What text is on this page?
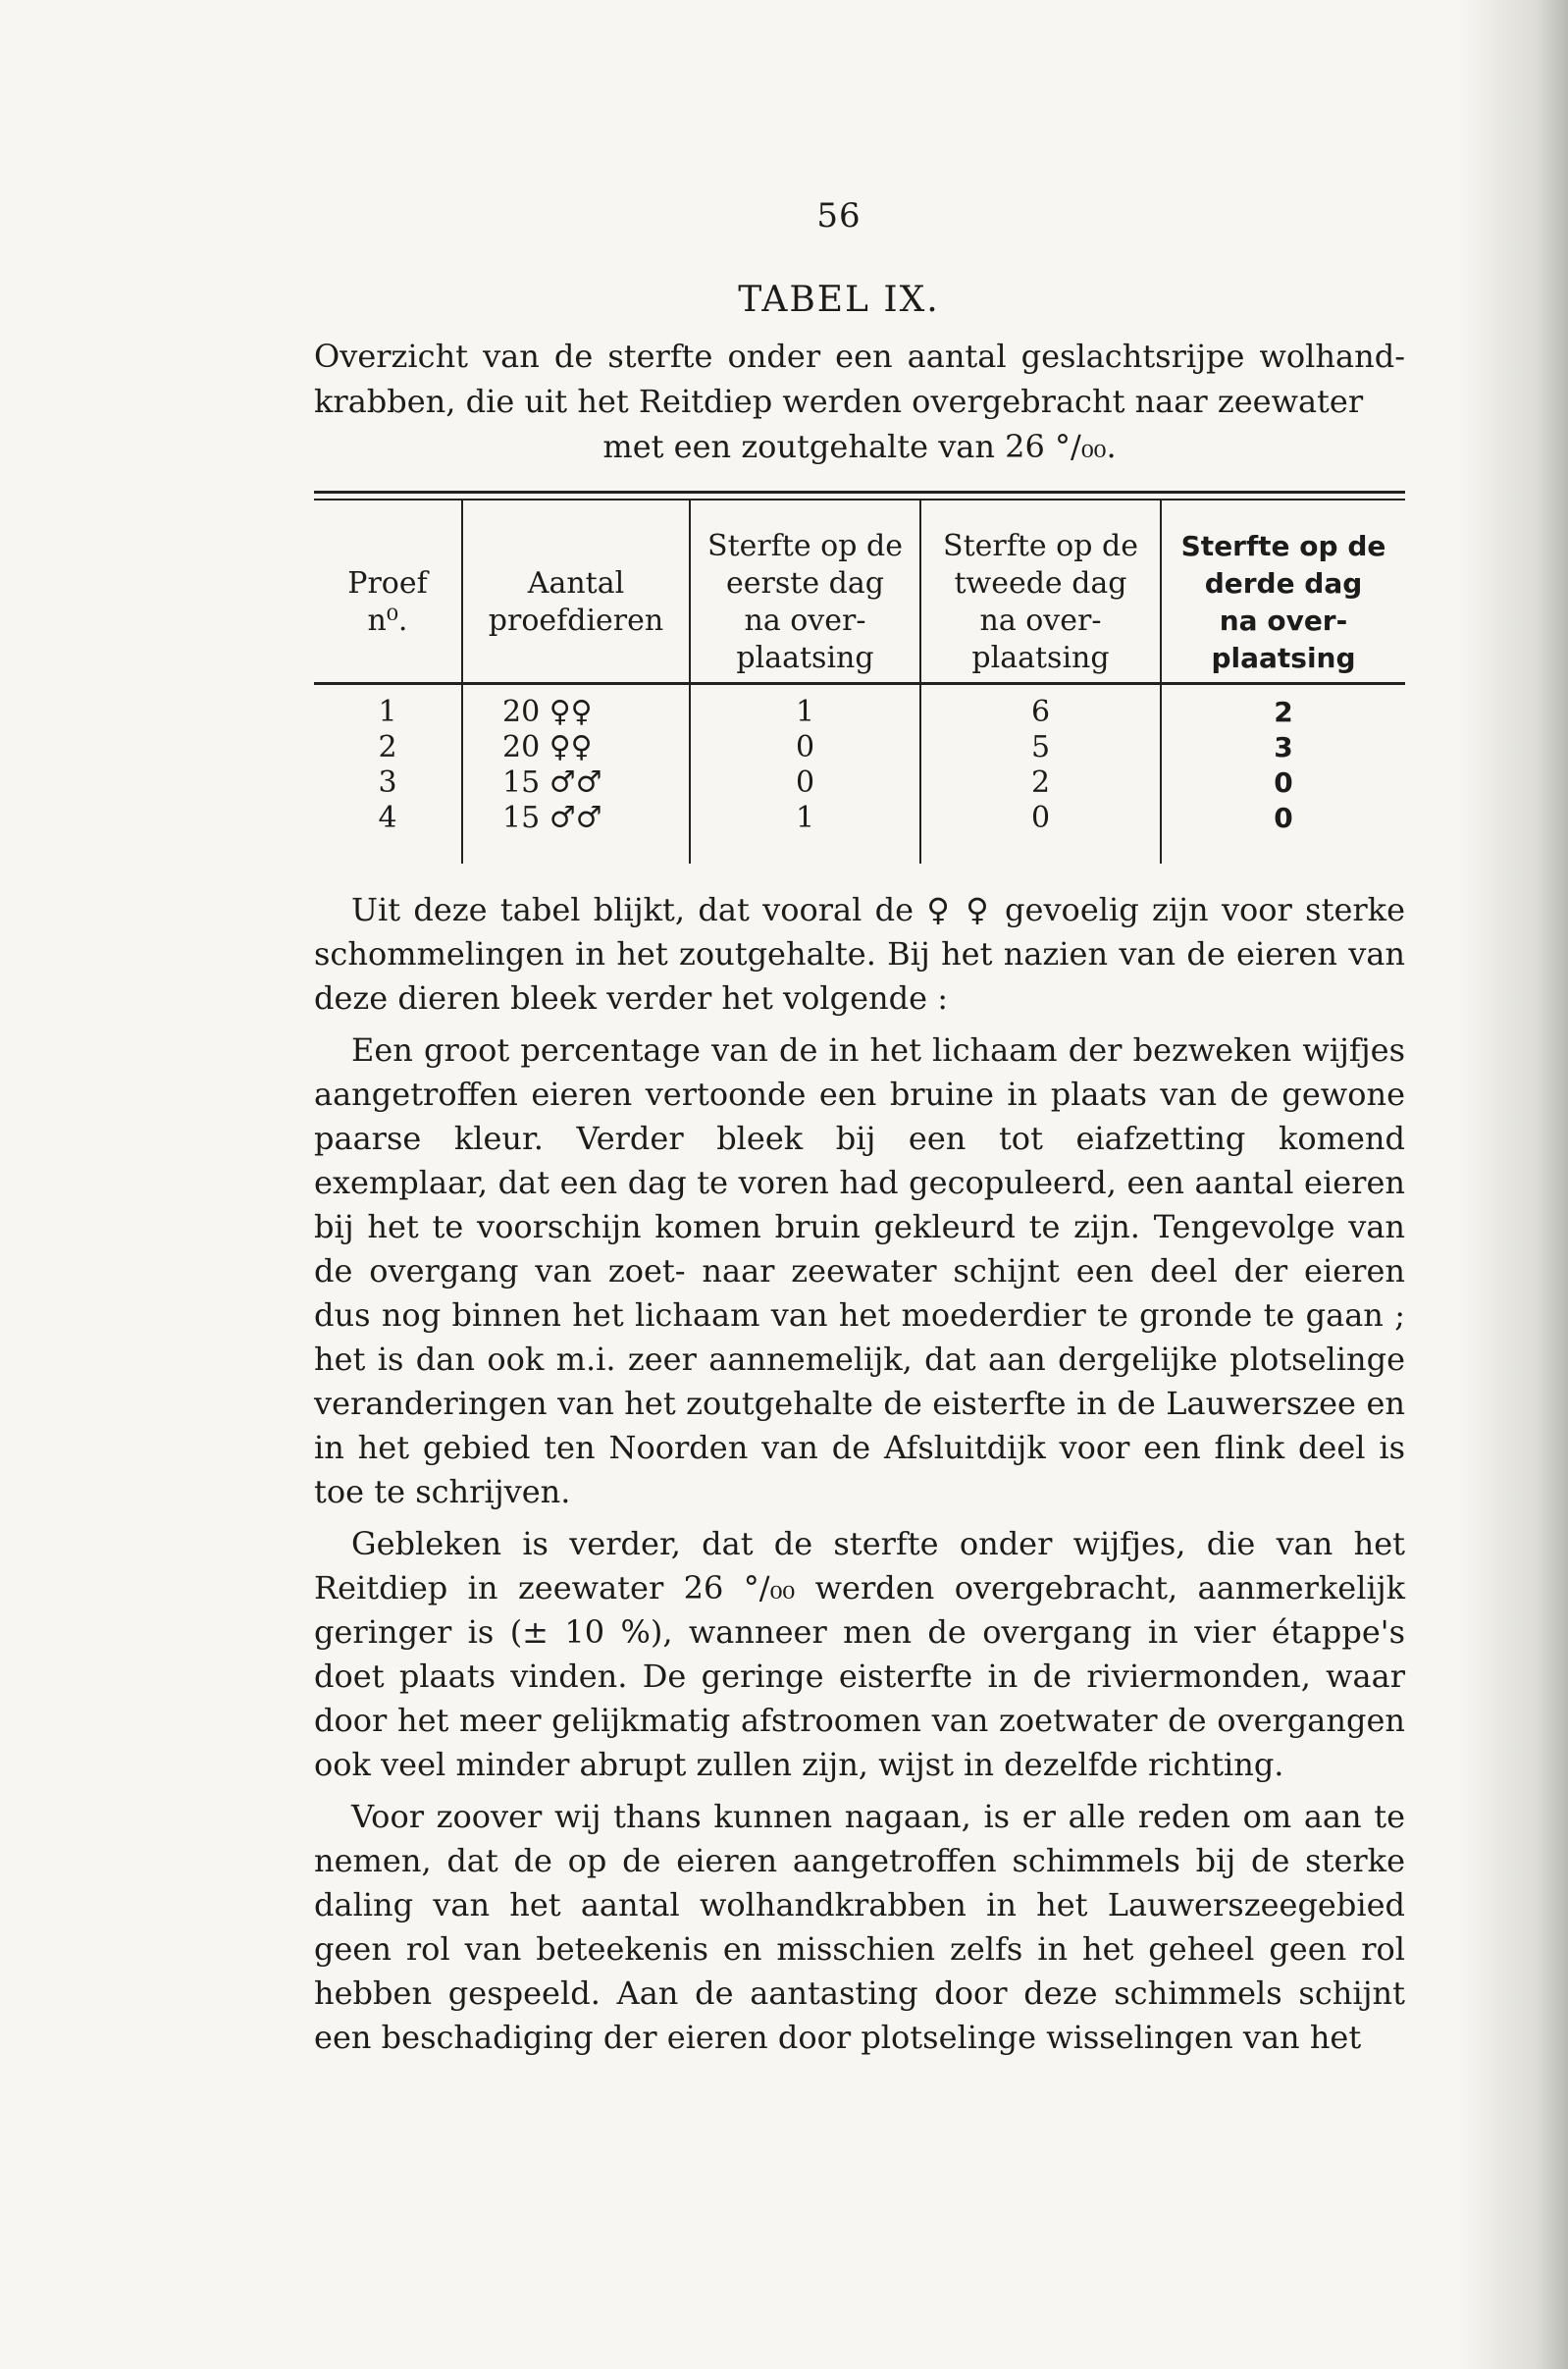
56
TABEL IX.
Overzicht van de sterfte onder een aantal geslachtsrijpe wolhand- krabben, die uit het Reitdiep werden overgebracht naar zeewater
met een zoutgehalte van 26 °/₀₀.
Proef
n⁰.
Aantal
proefdieren
Sterfte op de
eerste dag
na over-
plaatsing
Sterfte op de
tweede dag
na over-
plaatsing
Sterfte op de
derde dag
na over-
plaatsing
1
2
3
4
20 ♀♀
20 ♀♀
15 ♂♂
15 ♂♂
1
0
0
1
6
5
2
0
2
3
0
0

Uit deze tabel blijkt, dat vooral de ♀ ♀ gevoelig zijn voor sterke schommelingen in het zoutgehalte. Bij het nazien van de eieren van deze dieren bleek verder het volgende :

Een groot percentage van de in het lichaam der bezweken wijfjes aangetroffen eieren vertoonde een bruine in plaats van de gewone paarse kleur. Verder bleek bij een tot eiafzetting komend exemplaar, dat een dag te voren had gecopuleerd, een aantal eieren bij het te voorschijn komen bruin gekleurd te zijn. Tengevolge van de overgang van zoet- naar zeewater schijnt een deel der eieren dus nog binnen het lichaam van het moederdier te gronde te gaan ; het is dan ook m.i. zeer aannemelijk, dat aan dergelijke plotselinge veranderingen van het zoutgehalte de eisterfte in de Lauwerszee en in het gebied ten Noorden van de Afsluitdijk voor een flink deel is toe te schrijven.

Gebleken is verder, dat de sterfte onder wijfjes, die van het Reitdiep in zeewater 26 °/₀₀ werden overgebracht, aanmerkelijk geringer is (± 10 %), wanneer men de overgang in vier étappe's doet plaats vinden. De geringe eisterfte in de riviermonden, waar door het meer gelijkmatig afstroomen van zoetwater de overgangen ook veel minder abrupt zullen zijn, wijst in dezelfde richting.

Voor zoover wij thans kunnen nagaan, is er alle reden om aan te nemen, dat de op de eieren aangetroffen schimmels bij de sterke daling van het aantal wolhandkrabben in het Lauwerszeegebied geen rol van beteekenis en misschien zelfs in het geheel geen rol hebben gespeeld. Aan de aantasting door deze schimmels schijnt een beschadiging der eieren door plotselinge wisselingen van het
